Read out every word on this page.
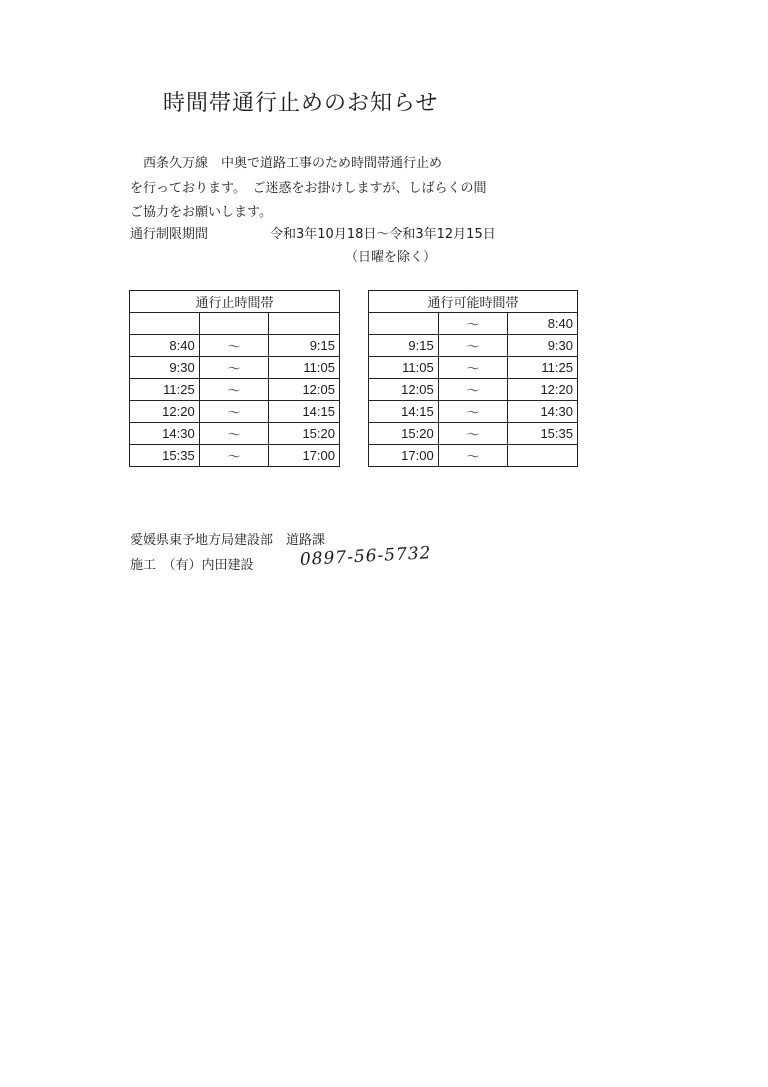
時間帯通行止めのお知らせ
西条久万線　中奥で道路工事のため時間帯通行止め
を行っております。　ご迷惑をお掛けしますが、しばらくの間
ご協力をお願いします。
通行制限期間	令和3年10月18日～令和3年12月15日
（日曜を除く）
通行止時間帯		

8:40	～	9:15
9:30	～	11:05
11:25	～	12:05
12:20	～	14:15
14:30	～	15:20
15:35	～	17:00
通行可能時間帯		
	～	8:40
9:15	～	9:30
11:05	～	11:25
12:05	～	12:20
14:15	～	14:30
15:20	～	15:35
17:00	～	
愛媛県東予地方局建設部　道路課
施工　（有）内田建設	0897-56-5732
